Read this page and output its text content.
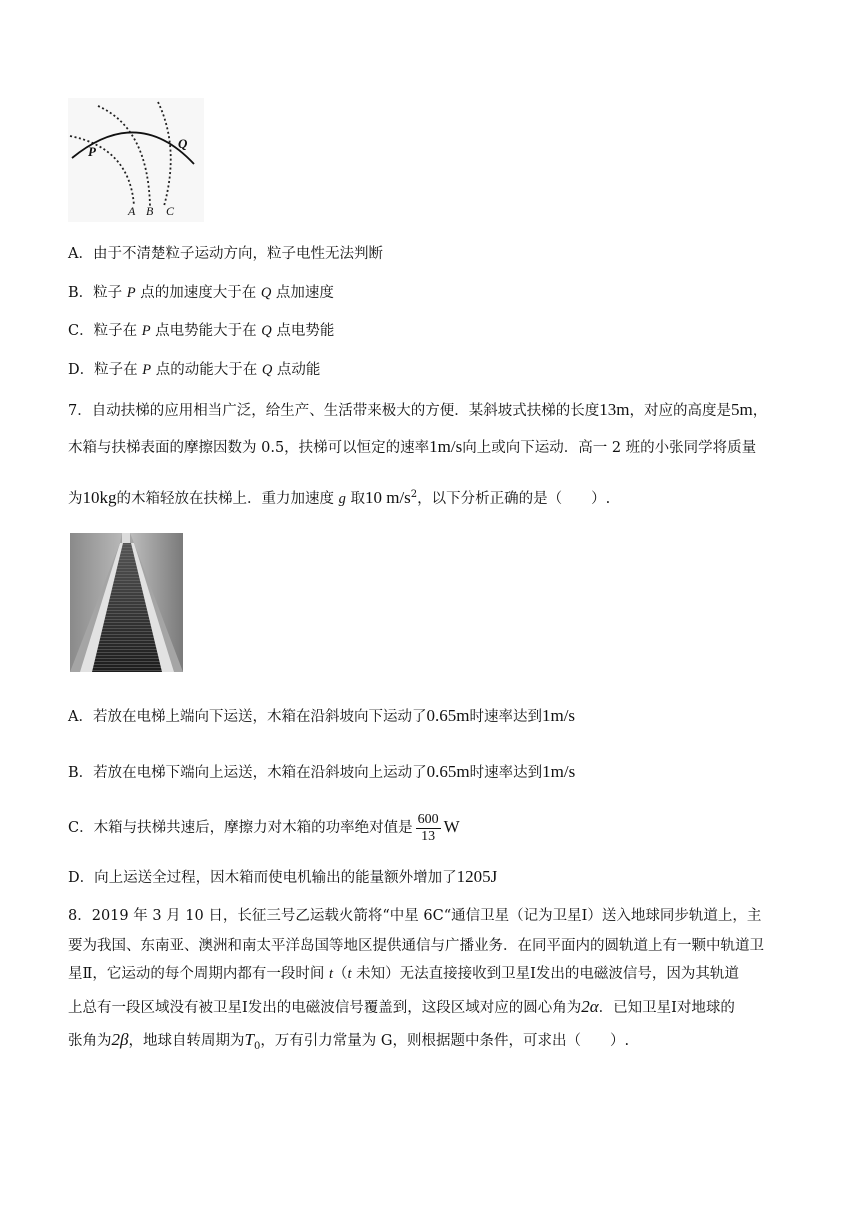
P
Q
A B C
A．由于不清楚粒子运动方向，粒子电性无法判断
B．粒子 P 点的加速度大于在 Q 点加速度
C．粒子在 P 点电势能大于在 Q 点电势能
D．粒子在 P 点的动能大于在 Q 点动能
7．自动扶梯的应用相当广泛，给生产、生活带来极大的方便．某斜坡式扶梯的长度13m，对应的高度是5m，
木箱与扶梯表面的摩擦因数为 0.5，扶梯可以恒定的速率1m/s向上或向下运动．高一 2 班的小张同学将质量
为10kg的木箱轻放在扶梯上．重力加速度 g 取10 $m/s^2$，以下分析正确的是（　　）.
A．若放在电梯上端向下运送，木箱在沿斜坡向下运动了0.65m时速率达到1m/s
B．若放在电梯下端向上运送，木箱在沿斜坡向上运动了0.65m时速率达到1m/s
C．木箱与扶梯共速后，摩擦力对木箱的功率绝对值是 $\frac{600}{13}$ W
D．向上运送全过程，因木箱而使电机输出的能量额外增加了1205J
8．2019 年 3 月 10 日，长征三号乙运载火箭将“中星 6C“通信卫星（记为卫星Ⅰ）送入地球同步轨道上，主
要为我国、东南亚、澳洲和南太平洋岛国等地区提供通信与广播业务．在同平面内的圆轨道上有一颗中轨道卫
星Ⅱ，它运动的每个周期内都有一段时间 t（t 未知）无法直接接收到卫星Ⅰ发出的电磁波信号，因为其轨道
上总有一段区域没有被卫星Ⅰ发出的电磁波信号覆盖到，这段区域对应的圆心角为2α．已知卫星Ⅰ对地球的
张角为2β，地球自转周期为$T_0$，万有引力常量为 G，则根据题中条件，可求出（　　）.
